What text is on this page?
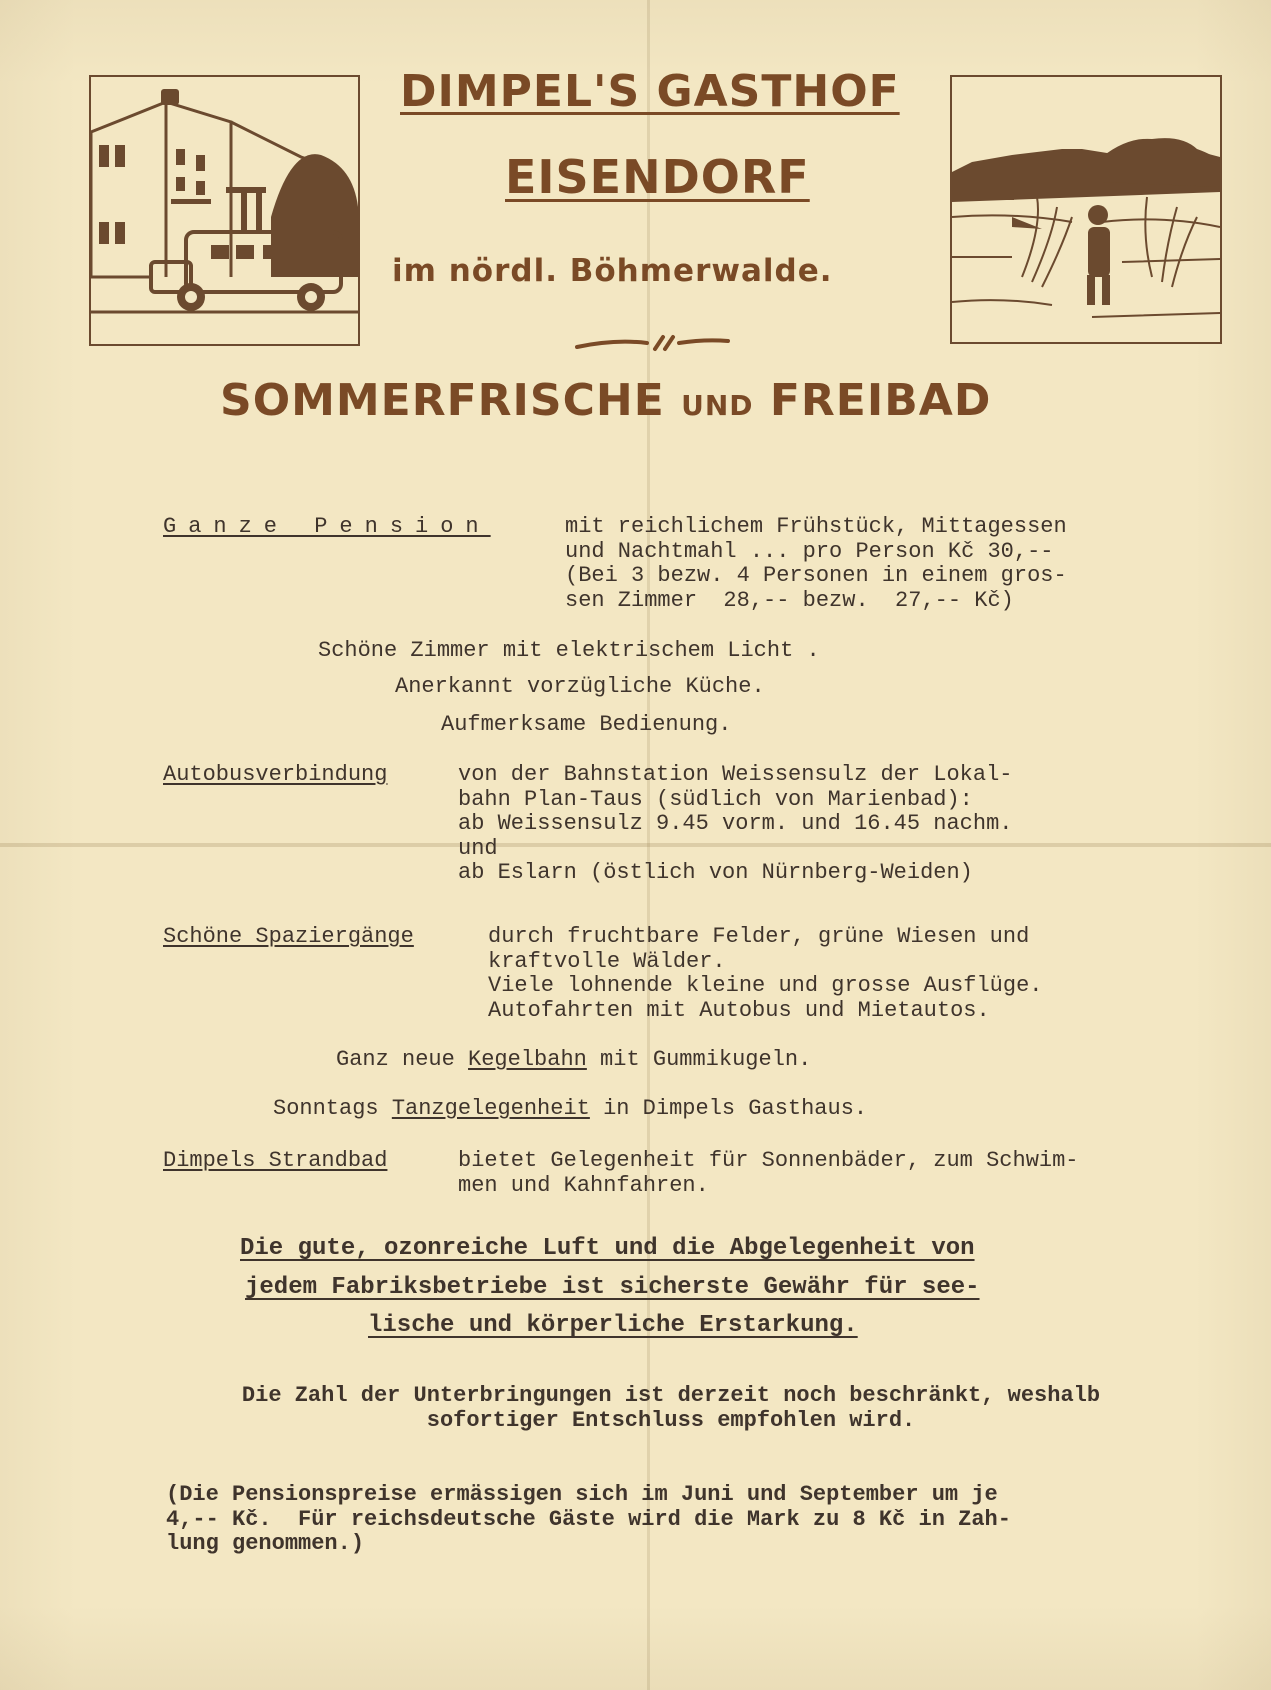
DIMPEL'S GASTHOF
EISENDORF
im nördl. Böhmerwalde.
SOMMERFRISCHE UND FREIBAD
Ganze Pension	mit reichlichem Frühstück, Mittagessen
und Nachtmahl ... pro Person Kč 30,--
(Bei 3 bezw. 4 Personen in einem gros-
sen Zimmer  28,-- bezw.  27,-- Kč)
Schöne Zimmer mit elektrischem Licht .
Anerkannt vorzügliche Küche.
Aufmerksame Bedienung.
Autobusverbindung	von der Bahnstation Weissensulz der Lokal-
bahn Plan-Taus (südlich von Marienbad):
ab Weissensulz 9.45 vorm. und 16.45 nachm.
und
ab Eslarn (östlich von Nürnberg-Weiden)
Schöne Spaziergänge	durch fruchtbare Felder, grüne Wiesen und
kraftvolle Wälder.
Viele lohnende kleine und grosse Ausflüge.
Autofahrten mit Autobus und Mietautos.
Ganz neue Kegelbahn mit Gummikugeln.
Sonntags Tanzgelegenheit in Dimpels Gasthaus.
Dimpels Strandbad	bietet Gelegenheit für Sonnenbäder, zum Schwim-
men und Kahnfahren.
Die gute, ozonreiche Luft und die Abgelegenheit von
jedem Fabriksbetriebe ist sicherste Gewähr für see-
lische und körperliche Erstarkung.
Die Zahl der Unterbringungen ist derzeit noch beschränkt, weshalb
sofortiger Entschluss empfohlen wird.
(Die Pensionspreise ermässigen sich im Juni und September um je
4,-- Kč.  Für reichsdeutsche Gäste wird die Mark zu 8 Kč in Zah-
lung genommen.)
